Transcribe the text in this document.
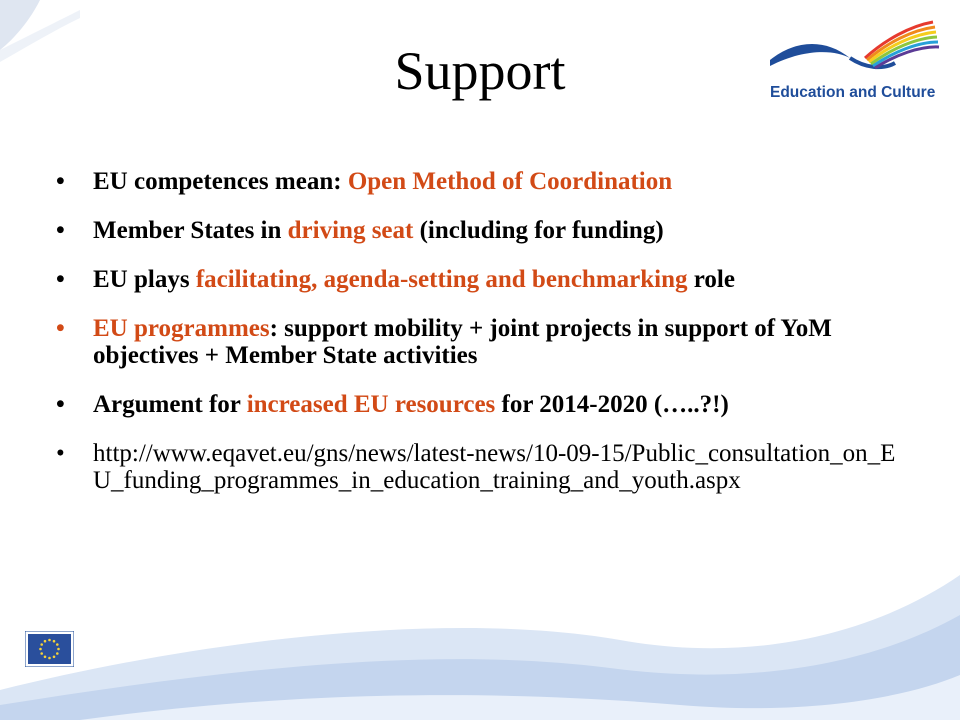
Support	Education and Culture
• EU competences mean: Open Method of Coordination
• Member States in driving seat (including for funding)
• EU plays facilitating, agenda-setting and benchmarking role
• EU programmes: support mobility + joint projects in support of YoM objectives + Member State activities
• Argument for increased EU resources for 2014-2020 (…..?!)
• http://www.eqavet.eu/gns/news/latest-news/10-09-15/Public_consultation_on_EU_funding_programmes_in_education_training_and_youth.aspx
